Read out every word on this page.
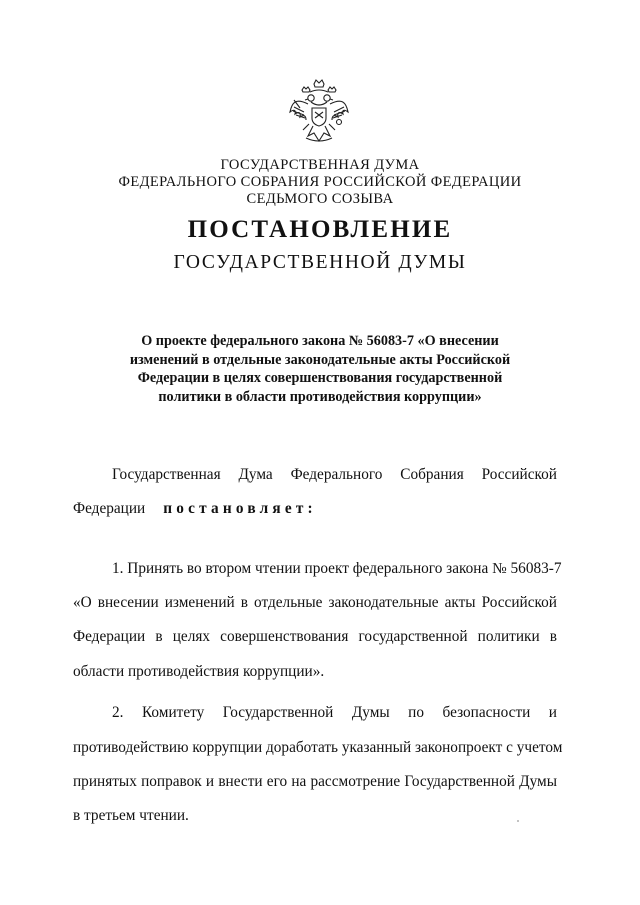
ГОСУДАРСТВЕННАЯ ДУМА
ФЕДЕРАЛЬНОГО СОБРАНИЯ РОССИЙСКОЙ ФЕДЕРАЦИИ
СЕДЬМОГО СОЗЫВА
ПОСТАНОВЛЕНИЕ
ГОСУДАРСТВЕННОЙ ДУМЫ
О проекте федерального закона № 56083-7 «О внесении
изменений в отдельные законодательные акты Российской
Федерации в целях совершенствования государственной
политики в области противодействия коррупции»
Государственная Дума Федерального Собрания Российской
Федерации постановляет:
1. Принять во втором чтении проект федерального закона № 56083-7
«О внесении изменений в отдельные законодательные акты Российской
Федерации в целях совершенствования государственной политики в
области противодействия коррупции».
2. Комитету Государственной Думы по безопасности и
противодействию коррупции доработать указанный законопроект с учетом
принятых поправок и внести его на рассмотрение Государственной Думы
в третьем чтении.
